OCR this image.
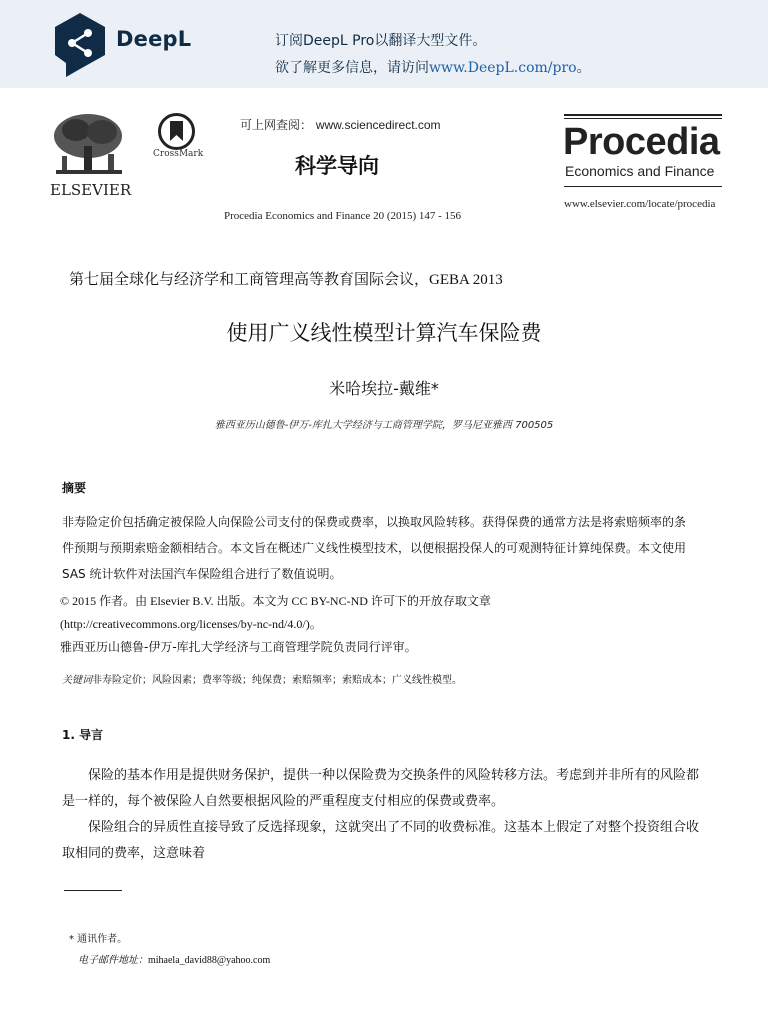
DeepL	订阅DeepL Pro以翻译大型文件。
欲了解更多信息，请访问www.DeepL.com/pro。
ELSEVIER
CrossMark
可上网查阅： www.sciencedirect.com
科学导向
Procedia Economics and Finance 20 (2015) 147 - 156
Procedia
Economics and Finance
www.elsevier.com/locate/procedia
第七届全球化与经济学和工商管理高等教育国际会议，GEBA 2013
使用广义线性模型计算汽车保险费
米哈埃拉-戴维*
雅西亚历山德鲁-伊万-库扎大学经济与工商管理学院，罗马尼亚雅西 700505
摘要
非寿险定价包括确定被保险人向保险公司支付的保费或费率，以换取风险转移。获得保费的通常方法是将索赔频率的条
件预期与预期索赔金额相结合。本文旨在概述广义线性模型技术，以便根据投保人的可观测特征计算纯保费。本文使用
SAS 统计软件对法国汽车保险组合进行了数值说明。
© 2015 作者。由 Elsevier B.V. 出版。本文为 CC BY-NC-ND 许可下的开放存取文章
(http://creativecommons.org/licenses/by-nc-nd/4.0/)。
雅西亚历山德鲁-伊万-库扎大学经济与工商管理学院负责同行评审。
关键词非寿险定价；风险因素；费率等级；纯保费；索赔频率；索赔成本；广义线性模型。
1. 导言

保险的基本作用是提供财务保护，提供一种以保险费为交换条件的风险转移方法。考虑到并非所有的风险都是一样的，每个被保险人自然要根据风险的严重程度支付相应的保费或费率。

保险组合的异质性直接导致了反选择现象，这就突出了不同的收费标准。这基本上假定了对整个投资组合收取相同的费率，这意味着

* 通讯作者。
电子邮件地址：mihaela_david88@yahoo.com
